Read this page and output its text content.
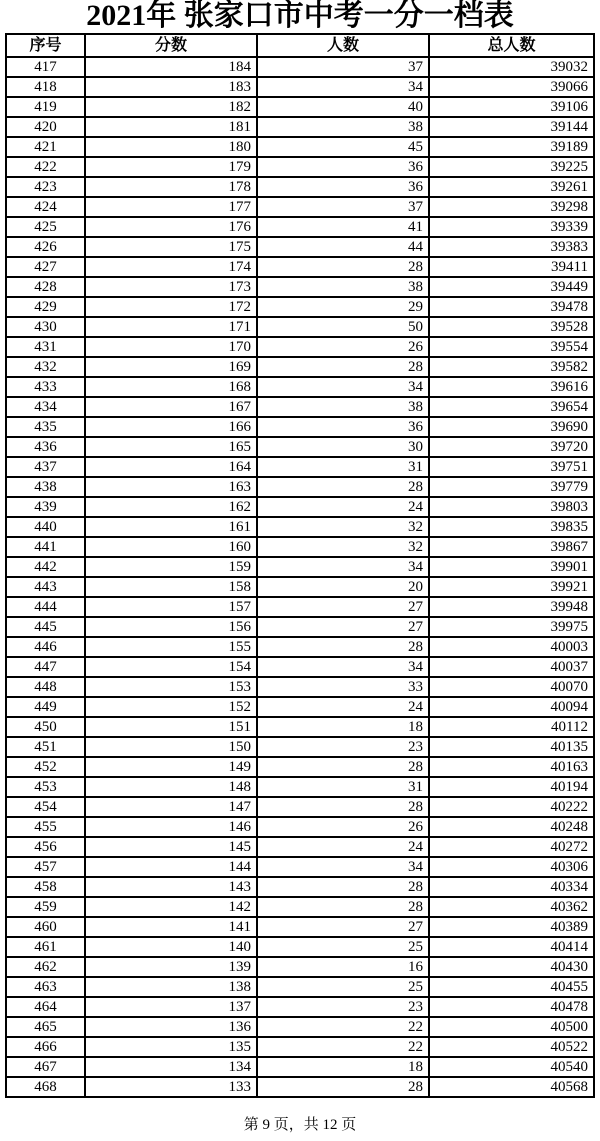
2021年 张家口市中考一分一档表
序号	分数	人数	总人数
417	184	37	39032
418	183	34	39066
419	182	40	39106
420	181	38	39144
421	180	45	39189
422	179	36	39225
423	178	36	39261
424	177	37	39298
425	176	41	39339
426	175	44	39383
427	174	28	39411
428	173	38	39449
429	172	29	39478
430	171	50	39528
431	170	26	39554
432	169	28	39582
433	168	34	39616
434	167	38	39654
435	166	36	39690
436	165	30	39720
437	164	31	39751
438	163	28	39779
439	162	24	39803
440	161	32	39835
441	160	32	39867
442	159	34	39901
443	158	20	39921
444	157	27	39948
445	156	27	39975
446	155	28	40003
447	154	34	40037
448	153	33	40070
449	152	24	40094
450	151	18	40112
451	150	23	40135
452	149	28	40163
453	148	31	40194
454	147	28	40222
455	146	26	40248
456	145	24	40272
457	144	34	40306
458	143	28	40334
459	142	28	40362
460	141	27	40389
461	140	25	40414
462	139	16	40430
463	138	25	40455
464	137	23	40478
465	136	22	40500
466	135	22	40522
467	134	18	40540
468	133	28	40568
第 9 页，共 12 页
